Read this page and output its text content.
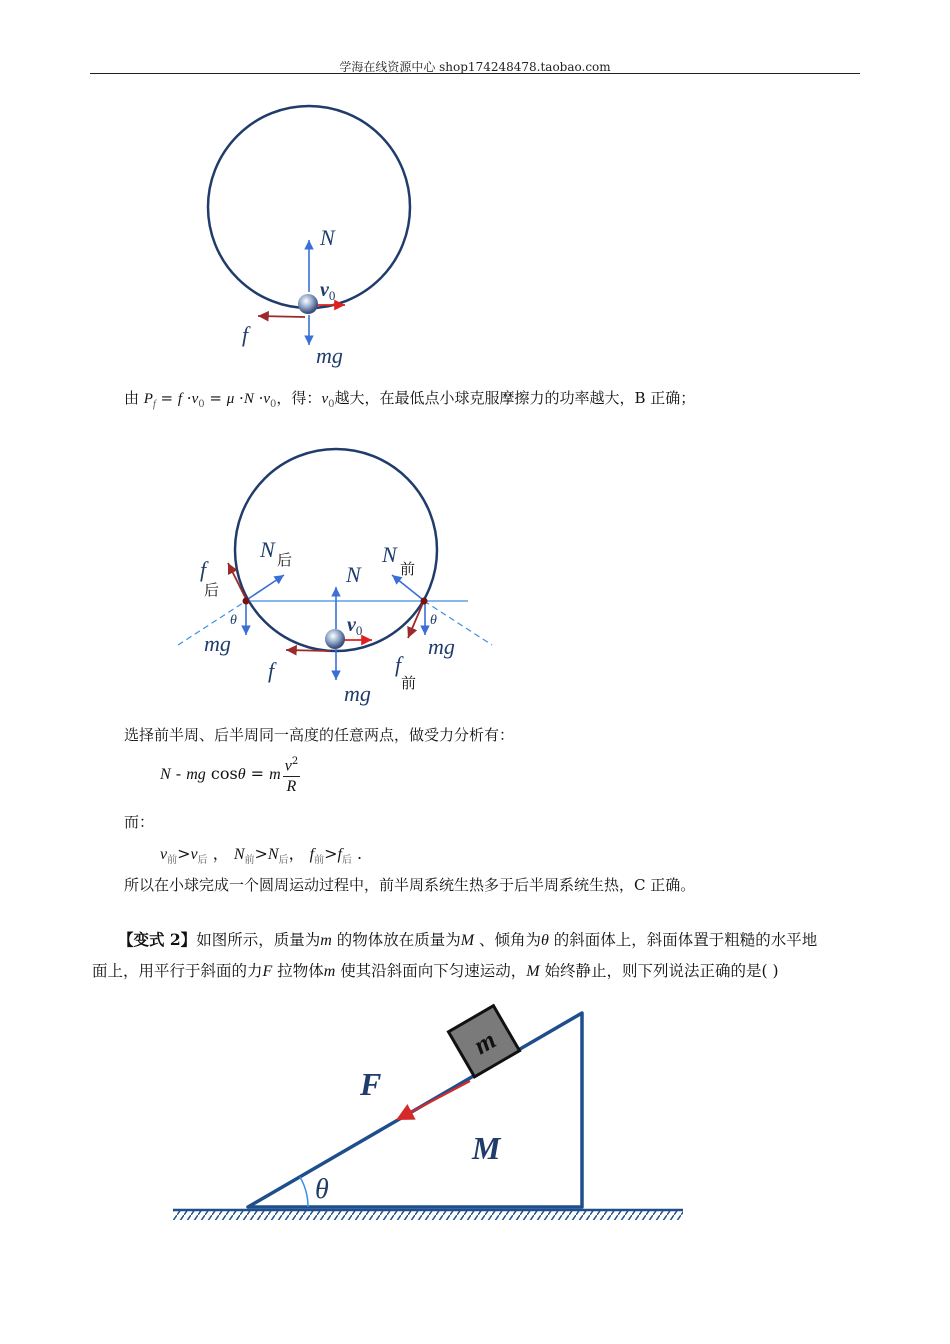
学海在线资源中心 shop174248478.taobao.com
N
$v_0$
f
mg
由 $P_f = f \cdot v_0 = \mu \cdot N \cdot v_0$，得：$v_0$越大，在最低点小球克服摩擦力的功率越大，B 正确；
f
后
N 后
N
N
前
θ	θ
mg	mg
$v_0$
f
mg
f
前
选择前半周、后半周同一高度的任意两点，做受力分析有：
N - mg cosθ = m $\frac{v^2}{R}$
而：
$v_前>v_后$ ， $N_前>N_后$， $f_前>f_后$ .
所以在小球完成一个圆周运动过程中，前半周系统生热多于后半周系统生热，C 正确。
【变式 2】如图所示，质量为m 的物体放在质量为M 、倾角为θ 的斜面体上，斜面体置于粗糙的水平地
面上，用平行于斜面的力F 拉物体m 使其沿斜面向下匀速运动，M 始终静止，则下列说法正确的是( )
m
F
M
θ
